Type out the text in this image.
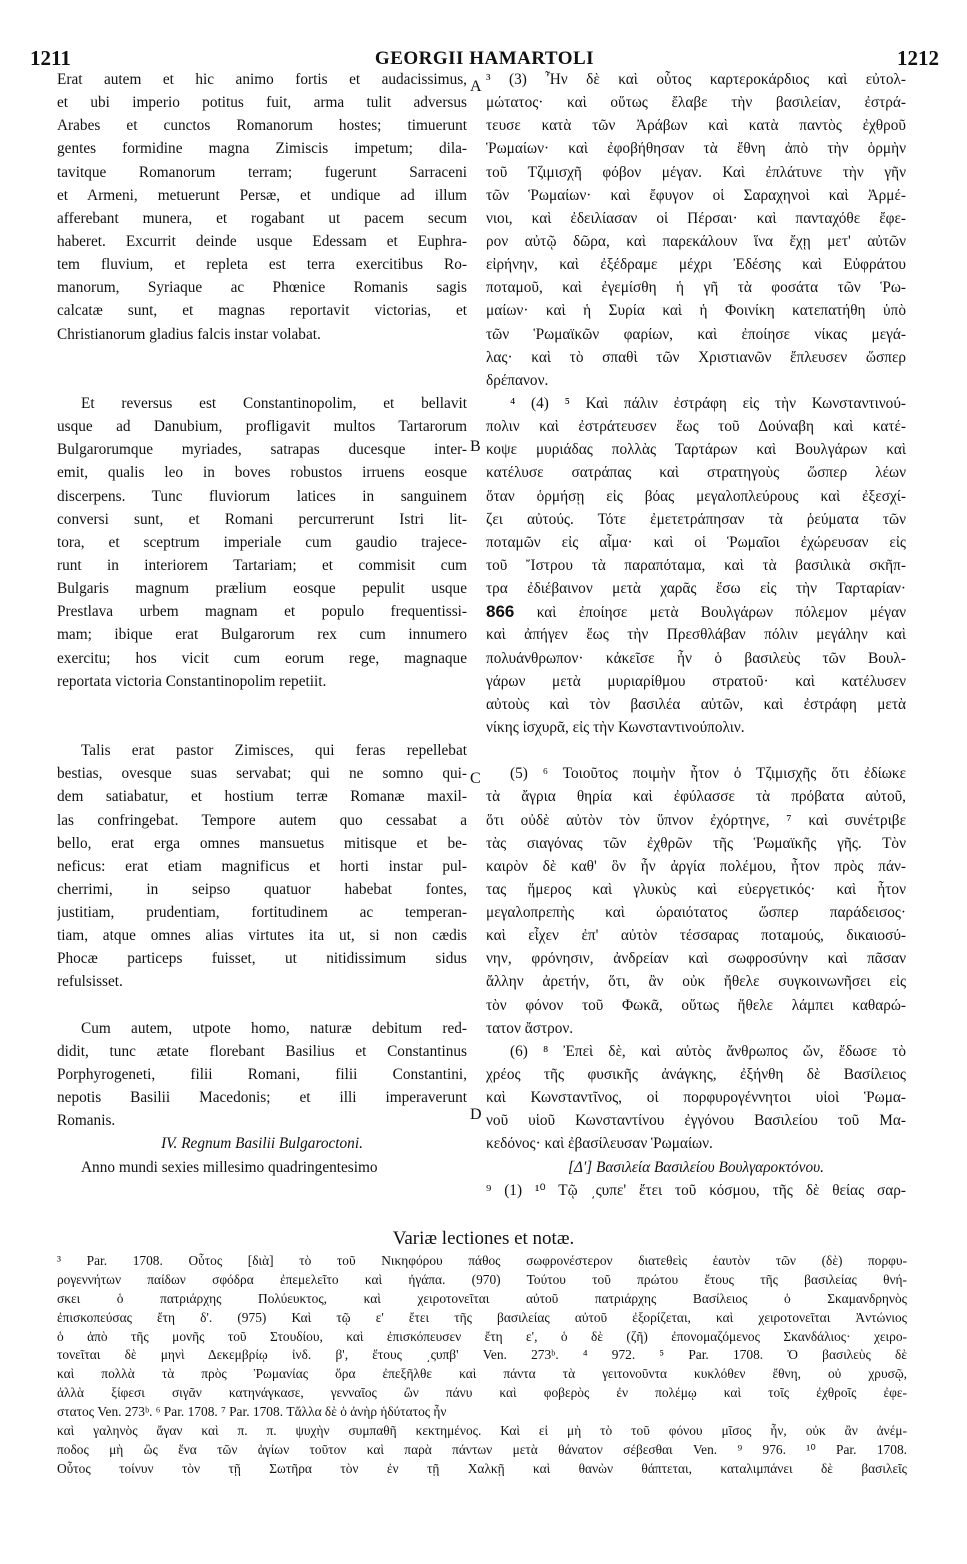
1211	GEORGII HAMARTOLI	1212
A
B
C
D
Erat autem et hic animo fortis et audacissimus,
et ubi imperio potitus fuit, arma tulit adversus
Arabes et cunctos Romanorum hostes; timuerunt
gentes formidine magna Zimiscis impetum; dila-
tavitque Romanorum terram; fugerunt Sarraceni
et Armeni, metuerunt Persæ, et undique ad illum
afferebant munera, et rogabant ut pacem secum
haberet. Excurrit deinde usque Edessam et Euphra-
tem fluvium, et repleta est terra exercitibus Ro-
manorum, Syriaque ac Phœnice Romanis sagis
calcatæ sunt, et magnas reportavit victorias, et
Christianorum gladius falcis instar volabat.
Et reversus est Constantinopolim, et bellavit
usque ad Danubium, profligavit multos Tartarorum
Bulgarorumque myriades, satrapas ducesque inter-
emit, qualis leo in boves robustos irruens eosque
discerpens. Tunc fluviorum latices in sanguinem
conversi sunt, et Romani percurrerunt Istri lit-
tora, et sceptrum imperiale cum gaudio trajece-
runt in interiorem Tartariam; et commisit cum
Bulgaris magnum prælium eosque pepulit usque
Prestlava urbem magnam et populo frequentissi-
mam; ibique erat Bulgarorum rex cum innumero
exercitu; hos vicit cum eorum rege, magnaque
reportata victoria Constantinopolim repetiit.
Talis erat pastor Zimisces, qui feras repellebat
bestias, ovesque suas servabat; qui ne somno qui-
dem satiabatur, et hostium terræ Romanæ maxil-
las confringebat. Tempore autem quo cessabat a
bello, erat erga omnes mansuetus mitisque et be-
neficus: erat etiam magnificus et horti instar pul-
cherrimi, in seipso quatuor habebat fontes,
justitiam, prudentiam, fortitudinem ac temperan-
tiam, atque omnes alias virtutes ita ut, si non cædis
Phocæ particeps fuisset, ut nitidissimum sidus
refulsisset.
Cum autem, utpote homo, naturæ debitum red-
didit, tunc ætate florebant Basilius et Constantinus
Porphyrogeneti, filii Romani, filii Constantini,
nepotis Basilii Macedonis; et illi imperaverunt
Romanis.
IV. Regnum Basilii Bulgaroctoni.
Anno mundi sexies millesimo quadringentesimo
³ (3) Ἦν δὲ καὶ οὗτος καρτεροκάρδιος καὶ εὐτολ-
μώτατος· καὶ οὕτως ἔλαβε τὴν βασιλείαν, ἐστρά-
τευσε κατὰ τῶν Ἀράβων καὶ κατὰ παντὸς ἐχθροῦ
Ῥωμαίων· καὶ ἐφοβήθησαν τὰ ἔθνη ἀπὸ τὴν ὁρμὴν
τοῦ Τζιμισχῆ φόβον μέγαν. Καὶ ἐπλάτυνε τὴν γῆν
τῶν Ῥωμαίων· καὶ ἔφυγον οἱ Σαραχηνοὶ καὶ Ἀρμέ-
νιοι, καὶ ἐδειλίασαν οἱ Πέρσαι· καὶ πανταχόθε ἔφε-
ρον αὐτῷ δῶρα, καὶ παρεκάλουν ἵνα ἔχῃ μετ' αὐτῶν
εἰρήνην, καὶ ἐξέδραμε μέχρι Ἐδέσης καὶ Εὐφράτου
ποταμοῦ, καὶ ἐγεμίσθη ἡ γῆ τὰ φοσάτα τῶν Ῥω-
μαίων· καὶ ἡ Συρία καὶ ἡ Φοινίκη κατεπατήθη ὑπὸ
τῶν Ῥωμαϊκῶν φαρίων, καὶ ἐποίησε νίκας μεγά-
λας· καὶ τὸ σπαθὶ τῶν Χριστιανῶν ἔπλευσεν ὥσπερ
δρέπανον.
⁴ (4) ⁵ Καὶ πάλιν ἐστράφη εἰς τὴν Κωνσταντινού-
πολιν καὶ ἐστράτευσεν ἕως τοῦ Δούναβη καὶ κατέ-
κοψε μυριάδας πολλὰς Ταρτάρων καὶ Βουλγάρων καὶ
κατέλυσε σατράπας καὶ στρατηγοὺς ὥσπερ λέων
ὅταν ὁρμήσῃ εἰς βόας μεγαλοπλεύρους καὶ ἐξεσχί-
ζει αὐτούς. Τότε ἐμετετράπησαν τὰ ῥεύματα τῶν
ποταμῶν εἰς αἷμα· καὶ οἱ Ῥωμαῖοι ἐχώρευσαν εἰς
τοῦ Ἴστρου τὰ παραπόταμα, καὶ τὰ βασιλικὰ σκῆπ-
τρα ἐδιέβαινον μετὰ χαρᾶς ἔσω εἰς τὴν Ταρταρίαν·
866 καὶ ἐποίησε μετὰ Βουλγάρων πόλεμον μέγαν
καὶ ἀπήγεν ἕως τὴν Πρεσθλάβαν πόλιν μεγάλην καὶ
πολυάνθρωπον· κἀκεῖσε ἦν ὁ βασιλεὺς τῶν Βουλ-
γάρων μετὰ μυριαρίθμου στρατοῦ· καὶ κατέλυσεν
αὐτοὺς καὶ τὸν βασιλέα αὐτῶν, καὶ ἐστράφη μετὰ
νίκης ἰσχυρᾶ, εἰς τὴν Κωνσταντινούπολιν.
(5) ⁶ Τοιοῦτος ποιμὴν ἦτον ὁ Τζιμισχῆς ὅτι ἐδίωκε
τὰ ἄγρια θηρία καὶ ἐφύλασσε τὰ πρόβατα αὐτοῦ,
ὅτι οὐδὲ αὐτὸν τὸν ὕπνον ἐχόρτηνε, ⁷ καὶ συνέτριβε
τὰς σιαγόνας τῶν ἐχθρῶν τῆς Ῥωμαϊκῆς γῆς. Τὸν
καιρὸν δὲ καθ' ὃν ἦν ἀργία πολέμου, ἦτον πρὸς πάν-
τας ἥμερος καὶ γλυκὺς καὶ εὐεργετικός· καὶ ἦτον
μεγαλοπρεπὴς καὶ ὡραιότατος ὥσπερ παράδεισος·
καὶ εἶχεν ἐπ' αὐτὸν τέσσαρας ποταμούς, δικαιοσύ-
νην, φρόνησιν, ἀνδρείαν καὶ σωφροσύνην καὶ πᾶσαν
ἄλλην ἀρετήν, ὅτι, ἂν οὐκ ἤθελε συγκοινωνῆσει εἰς
τὸν φόνον τοῦ Φωκᾶ, οὕτως ἤθελε λάμπει καθαρώ-
τατον ἄστρον.
(6) ⁸ Ἐπεὶ δὲ, καὶ αὐτὸς ἄνθρωπος ὤν, ἔδωσε τὸ
χρέος τῆς φυσικῆς ἀνάγκης, ἐξήνθη δὲ Βασίλειος
καὶ Κωνσταντῖνος, οἱ πορφυρογέννητοι υἱοὶ Ῥωμα-
νοῦ υἱοῦ Κωνσταντίνου ἐγγόνου Βασιλείου τοῦ Μα-
κεδόνος· καὶ ἐβασίλευσαν Ῥωμαίων.
[Δ'] Βασιλεία Βασιλείου Βουλγαροκτόνου.
⁹ (1) ¹⁰ Τῷ ͵ςυπε' ἔτει τοῦ κόσμου, τῆς δὲ θείας σαρ-
Variæ lectiones et notæ.
³ Par. 1708. Οὗτος [διὰ] τὸ τοῦ Νικηφόρου πάθος σωφρονέστερον διατεθεὶς ἑαυτὸν τῶν (δὲ) πορφυ-
ρογεννήτων παίδων σφόδρα ἐπεμελεῖτο καὶ ἠγάπα. (970) Τούτου τοῦ πρώτου ἔτους τῆς βασιλείας θνή-
σκει ὁ πατριάρχης Πολύευκτος, καὶ χειροτονεῖται αὐτοῦ πατριάρχης Βασίλειος ὁ Σκαμανδρηνὸς
ἐπισκοπεύσας ἔτη δ'. (975) Καὶ τῷ ε' ἔτει τῆς βασιλείας αὐτοῦ ἐξορίζεται, καὶ χειροτονεῖται Ἀντώνιος
ὁ ἀπὸ τῆς μονῆς τοῦ Στουδίου, καὶ ἐπισκόπευσεν ἔτη ε', ὁ δὲ (ζῆ) ἐπονομαζόμενος Σκανδάλιος· χειρο-
τονεῖται δὲ μηνὶ Δεκεμβρίῳ ἰνδ. β', ἔτους ͵ςυπβ' Ven. 273ᵇ. ⁴ 972. ⁵ Par. 1708. Ὁ βασιλεὺς δὲ
καὶ πολλὰ τὰ πρὸς Ῥωμανίας ὅρα ἐπεξῆλθε καὶ πάντα τὰ γειτονοῦντα κυκλόθεν ἔθνη, οὐ χρυσῷ,
ἀλλὰ ξίφεσι σιγᾶν κατηνάγκασε, γενναῖος ὢν πάνυ καὶ φοβερὸς ἐν πολέμῳ καὶ τοῖς ἐχθροῖς ἐφε-
στατος Ven. 273ᵇ. ⁶ Par. 1708. ⁷ Par. 1708. Τἄλλα δὲ ὁ ἀνὴρ ἡδύτατος ἦν
καὶ γαληνὸς ἄγαν καὶ π. π. ψυχὴν συμπαθῆ κεκτημένος. Καὶ εἰ μὴ τὸ τοῦ φόνου μῖσος ἦν, οὐκ ἂν ἀνέμ-
ποδος μὴ ὢς ἕνα τῶν ἁγίων τοῦτον καὶ παρὰ πάντων μετὰ θάνατον σέβεσθαι Ven. ⁹ 976. ¹⁰ Par. 1708.
Οὗτος τοίνυν τὸν τῇ Σωτῆρα τὸν ἐν τῇ Χαλκῇ καὶ θανὼν θάπτεται, καταλιμπάνει δὲ βασιλεῖς
